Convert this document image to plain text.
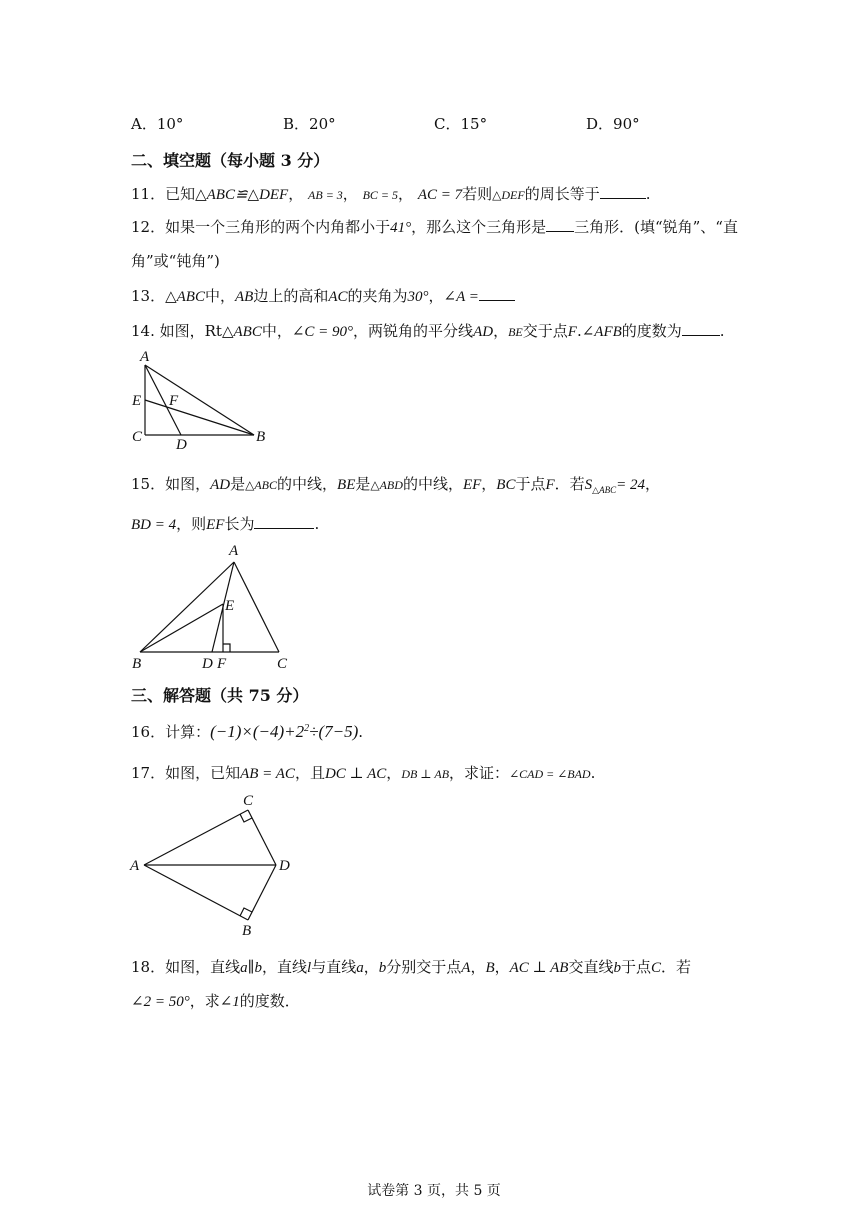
A．10°	B．20°	C．15°	D．90°
二、填空题（每小题 3 分）
11．已知△ABC≌△DEF， AB = 3， BC = 5， AC = 7若则△DEF的周长等于	.
12．如果一个三角形的两个内角都小于41°，那么这个三角形是 三角形．(填“锐角”、“直
角”或“钝角”)
13．△ABC中，AB边上的高和AC的夹角为30°，∠A =
14. 如图，Rt△ABC中，∠C = 90°，两锐角的平分线AD，BE交于点F.∠AFB的度数为	.
A
E F
C D	B
15．如图，AD是△ABC的中线，BE是△ABD的中线，EF，BC于点F．若$S_{\triangle ABC}= 24$，
BD = 4，则EF长为	.
A
E
B	D F	C
三、解答题（共 75 分）
16．计算：$(-1)\times(-4)+2^2\div(7-5)$.
17．如图，已知AB = AC，且DC ⊥ AC，DB ⊥ AB，求证：∠CAD = ∠BAD.
C
A	D
B
18．如图，直线a∥b，直线l与直线a，b分别交于点A，B，AC ⊥ AB交直线b于点C．若
∠2 = 50°，求∠1的度数．
试卷第 3 页，共 5 页
